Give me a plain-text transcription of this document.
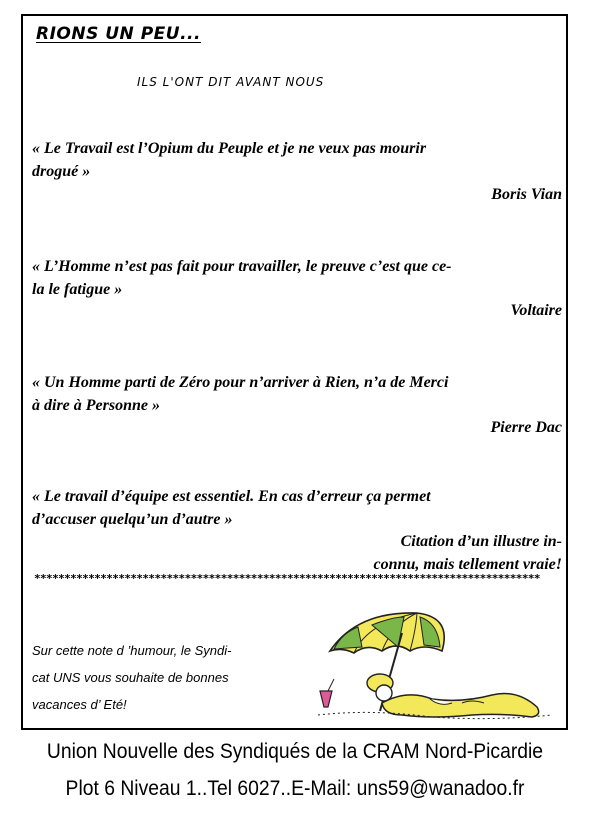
RIONS UN PEU...
ILS L'ONT DIT AVANT NOUS
« Le Travail est l’Opium du Peuple et je ne veux pas mourir
drogué »
Boris Vian
« L’Homme n’est pas fait pour travailler, le preuve c’est que ce-
la le fatigue »
Voltaire
« Un Homme parti de Zéro pour n’arriver à Rien, n’a de Merci
à dire à Personne »
Pierre Dac
« Le travail d’équipe est essentiel. En cas d’erreur ça permet
d’accuser quelqu’un d’autre »
Citation d’un illustre in-
connu, mais tellement vraie!
************************************************************************************
Sur cette note d ’humour, le Syndi-
cat UNS vous souhaite de bonnes
vacances d’ Eté!
Union Nouvelle des Syndiqués de la CRAM Nord-Picardie
Plot 6 Niveau 1..Tel 6027..E-Mail: uns59@wanadoo.fr
